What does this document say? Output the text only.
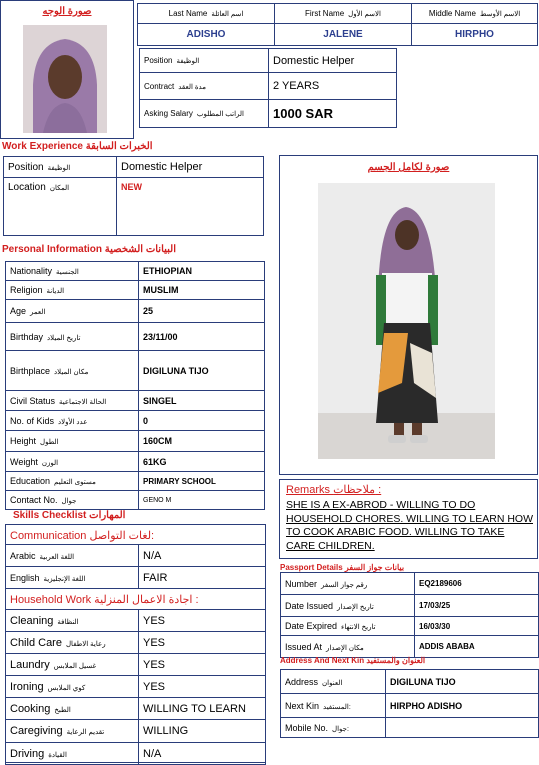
صورة الوجه	Last Name اسم العائلة	First Name الاسم الأول	Middle Name الاسم الأوسط
ADISHO	JALENE	HIRPHO
Position الوظيفة	Domestic Helper
Contract مدة العقد	2 YEARS
Asking Salary الراتب المطلوب	1000 SAR
Work Experience الخبرات السابقة
Position الوظيفة	Domestic Helper
Location المكان	NEW
صورة لكامل الجسم
Personal Information البيانات الشخصية
Nationality الجنسية	ETHIOPIAN
Religion الديانة	MUSLIM
Age العمر	25
Birthday تاريخ الميلاد	23/11/00
Birthplace مكان الميلاد	DIGILUNA TIJO
Civil Status الحالة الاجتماعية	SINGEL
No. of Kids عدد الأولاد	0
Height الطول	160CM
Weight الوزن	61KG
Education مستوى التعليم	PRIMARY SCHOOL
Contact No. جوال	GENO M
Skills Checklist المهارات
Communication لغات التواصل:
Arabic اللغة العربية	N/A
English اللغة الإنجليزية	FAIR
Household Work اجادة الاعمال المنزلية :
Cleaning النظافة	YES
Child Care رعاية الاطفال	YES
Laundry غسيل الملابس	YES
Ironing كوي الملابس	YES
Cooking الطبخ	WILLING TO LEARN
Caregiving تقديم الرعاية	WILLING
Driving القيادة	N/A
Remarks ملاحظات :
SHE IS A EX-ABROD - WILLING TO DO HOUSEHOLD CHORES. WILLING TO LEARN HOW TO COOK ARABIC FOOD. WILLING TO TAKE CARE CHILDREN.
Passport Details بيانات جواز السفر
Number رقم جواز السفر	EQ2189606
Date Issued تاريخ الإصدار	17/03/25
Date Expired تاريخ الانتهاء	16/03/30
Issued At مكان الإصدار	ADDIS ABABA
Address And Next Kin العنوان والمستفيد
Address العنوان	DIGILUNA TIJO
Next Kin المستفيد:	HIRPHO ADISHO
Mobile No. جوال:	
